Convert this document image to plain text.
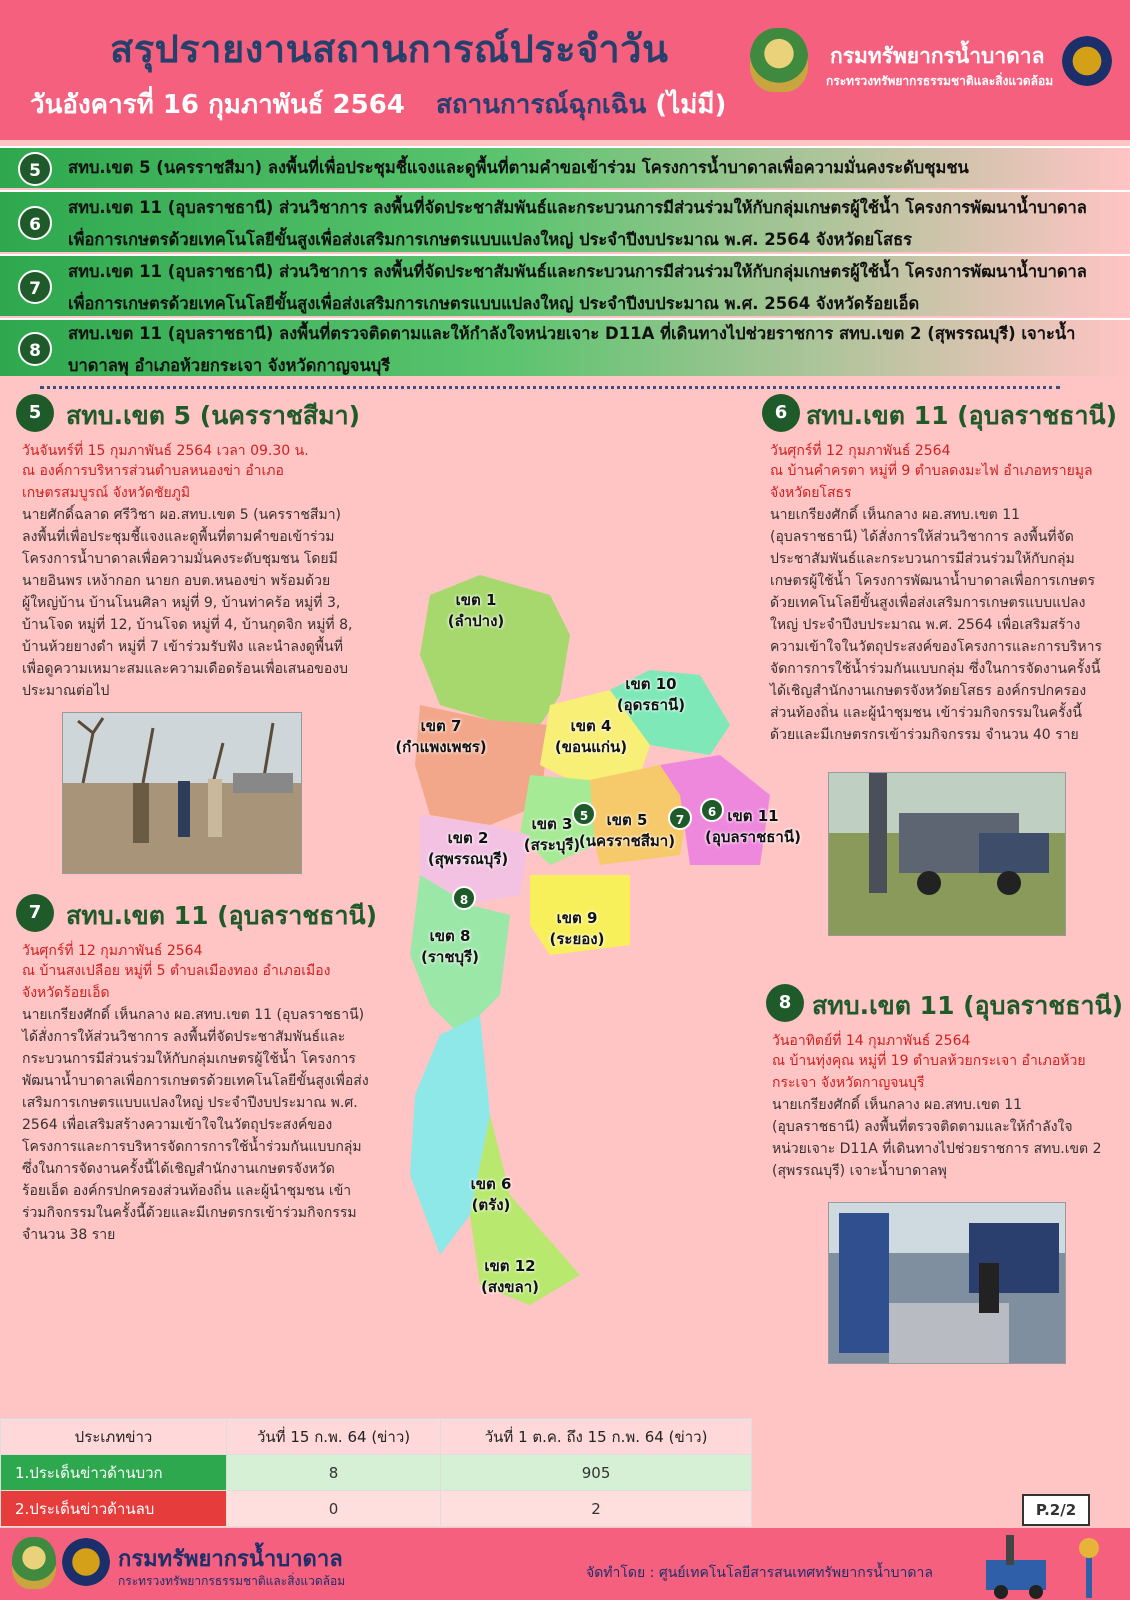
สรุปรายงานสถานการณ์ประจำวัน
วันอังคารที่ 16 กุมภาพันธ์ 2564 สถานการณ์ฉุกเฉิน (ไม่มี)
กรมทรัพยากรน้ำบาดาล
กระทรวงทรัพยากรธรรมชาติและสิ่งแวดล้อม
5	สทบ.เขต 5 (นครราชสีมา) ลงพื้นที่เพื่อประชุมชี้แจงและดูพื้นที่ตามคำขอเข้าร่วม โครงการน้ำบาดาลเพื่อความมั่นคงระดับชุมชน
6
สทบ.เขต 11 (อุบลราชธานี) ส่วนวิชาการ ลงพื้นที่จัดประชาสัมพันธ์และกระบวนการมีส่วนร่วมให้กับกลุ่มเกษตรผู้ใช้น้ำ โครงการพัฒนาน้ำบาดาลเพื่อการเกษตรด้วยเทคโนโลยีขั้นสูงเพื่อส่งเสริมการเกษตรแบบแปลงใหญ่ ประจำปีงบประมาณ พ.ศ. 2564 จังหวัดยโสธร
7
สทบ.เขต 11 (อุบลราชธานี) ส่วนวิชาการ ลงพื้นที่จัดประชาสัมพันธ์และกระบวนการมีส่วนร่วมให้กับกลุ่มเกษตรผู้ใช้น้ำ โครงการพัฒนาน้ำบาดาลเพื่อการเกษตรด้วยเทคโนโลยีขั้นสูงเพื่อส่งเสริมการเกษตรแบบแปลงใหญ่ ประจำปีงบประมาณ พ.ศ. 2564 จังหวัดร้อยเอ็ด
8
สทบ.เขต 11 (อุบลราชธานี) ลงพื้นที่ตรวจติดตามและให้กำลังใจหน่วยเจาะ D11A ที่เดินทางไปช่วยราชการ สทบ.เขต 2 (สุพรรณบุรี) เจาะน้ำบาดาลพุ อำเภอห้วยกระเจา จังหวัดกาญจนบุรี
5 สทบ.เขต 5 (นครราชสีมา)
วันจันทร์ที่ 15 กุมภาพันธ์ 2564 เวลา 09.30 น.
ณ องค์การบริหารส่วนตำบลหนองข่า อำเภอเกษตรสมบูรณ์ จังหวัดชัยภูมิ
นายศักดิ์ฉลาด ศรีวิชา ผอ.สทบ.เขต 5 (นครราชสีมา) ลงพื้นที่เพื่อประชุมชี้แจงและดูพื้นที่ตามคำขอเข้าร่วม โครงการน้ำบาดาลเพื่อความมั่นคงระดับชุมชน โดยมี นายอินพร เหง้ากอก นายก อบต.หนองข่า พร้อมด้วย ผู้ใหญ่บ้าน บ้านโนนศิลา หมู่ที่ 9, บ้านท่าคร้อ หมู่ที่ 3, บ้านโจด หมู่ที่ 12, บ้านโจด หมู่ที่ 4, บ้านกุดจิก หมู่ที่ 8, บ้านห้วยยางดำ หมู่ที่ 7 เข้าร่วมรับฟัง และนำลงดูพื้นที่ เพื่อดูความเหมาะสมและความเดือดร้อนเพื่อเสนอของบประมาณต่อไป
6 สทบ.เขต 11 (อุบลราชธานี)
วันศุกร์ที่ 12 กุมภาพันธ์ 2564
ณ บ้านคำครตา หมู่ที่ 9 ตำบลดงมะไฟ อำเภอทรายมูล จังหวัดยโสธร
นายเกรียงศักดิ์ เห็นกลาง ผอ.สทบ.เขต 11 (อุบลราชธานี) ได้สั่งการให้ส่วนวิชาการ ลงพื้นที่จัดประชาสัมพันธ์และกระบวนการมีส่วนร่วมให้กับกลุ่มเกษตรผู้ใช้น้ำ โครงการพัฒนาน้ำบาดาลเพื่อการเกษตรด้วยเทคโนโลยีขั้นสูงเพื่อส่งเสริมการเกษตรแบบแปลงใหญ่ ประจำปีงบประมาณ พ.ศ. 2564 เพื่อเสริมสร้างความเข้าใจในวัตถุประสงค์ของโครงการและการบริหารจัดการการใช้น้ำร่วมกันแบบกลุ่ม ซึ่งในการจัดงานครั้งนี้ได้เชิญสำนักงานเกษตรจังหวัดยโสธร องค์กรปกครองส่วนท้องถิ่น และผู้นำชุมชน เข้าร่วมกิจกรรมในครั้งนี้ด้วยและมีเกษตรกรเข้าร่วมกิจกรรม จำนวน 40 ราย
7 สทบ.เขต 11 (อุบลราชธานี)
วันศุกร์ที่ 12 กุมภาพันธ์ 2564
ณ บ้านสงเปลือย หมู่ที่ 5 ตำบลเมืองทอง อำเภอเมือง จังหวัดร้อยเอ็ด
นายเกรียงศักดิ์ เห็นกลาง ผอ.สทบ.เขต 11 (อุบลราชธานี) ได้สั่งการให้ส่วนวิชาการ ลงพื้นที่จัดประชาสัมพันธ์และกระบวนการมีส่วนร่วมให้กับกลุ่มเกษตรผู้ใช้น้ำ โครงการพัฒนาน้ำบาดาลเพื่อการเกษตรด้วยเทคโนโลยีขั้นสูงเพื่อส่งเสริมการเกษตรแบบแปลงใหญ่ ประจำปีงบประมาณ พ.ศ. 2564 เพื่อเสริมสร้างความเข้าใจในวัตถุประสงค์ของโครงการและการบริหารจัดการการใช้น้ำร่วมกันแบบกลุ่ม ซึ่งในการจัดงานครั้งนี้ได้เชิญสำนักงานเกษตรจังหวัดร้อยเอ็ด องค์กรปกครองส่วนท้องถิ่น และผู้นำชุมชน เข้าร่วมกิจกรรมในครั้งนี้ด้วยและมีเกษตรกรเข้าร่วมกิจกรรม จำนวน 38 ราย
8 สทบ.เขต 11 (อุบลราชธานี)
วันอาทิตย์ที่ 14 กุมภาพันธ์ 2564
ณ บ้านทุ่งคุณ หมู่ที่ 19 ตำบลห้วยกระเจา อำเภอห้วยกระเจา จังหวัดกาญจนบุรี
นายเกรียงศักดิ์ เห็นกลาง ผอ.สทบ.เขต 11 (อุบลราชธานี) ลงพื้นที่ตรวจติดตามและให้กำลังใจหน่วยเจาะ D11A ที่เดินทางไปช่วยราชการ สทบ.เขต 2 (สุพรรณบุรี) เจาะน้ำบาดาลพุ
เขต 1
(ลำปาง)
เขต 10
(อุดรธานี)
เขต 4
(ขอนแก่น)
เขต 7
(กำแพงเพชร)
เขต 3
(สระบุรี)
เขต 5
(นครราชสีมา)
เขต 11
(อุบลราชธานี)
เขต 2
(สุพรรณบุรี)
เขต 9
(ระยอง)
เขต 8
(ราชบุรี)
เขต 6
(ตรัง)
เขต 12
(สงขลา)
5	7
6
8
ประเภทข่าว	วันที่ 15 ก.พ. 64 (ข่าว)	วันที่ 1 ต.ค. ถึง 15 ก.พ. 64 (ข่าว)
1.ประเด็นข่าวด้านบวก	8	905
2.ประเด็นข่าวด้านลบ	0	2	P.2/2
กรมทรัพยากรน้ำบาดาล
กระทรวงทรัพยากรธรรมชาติและสิ่งแวดล้อม	จัดทำโดย : ศูนย์เทคโนโลยีสารสนเทศทรัพยากรน้ำบาดาล
